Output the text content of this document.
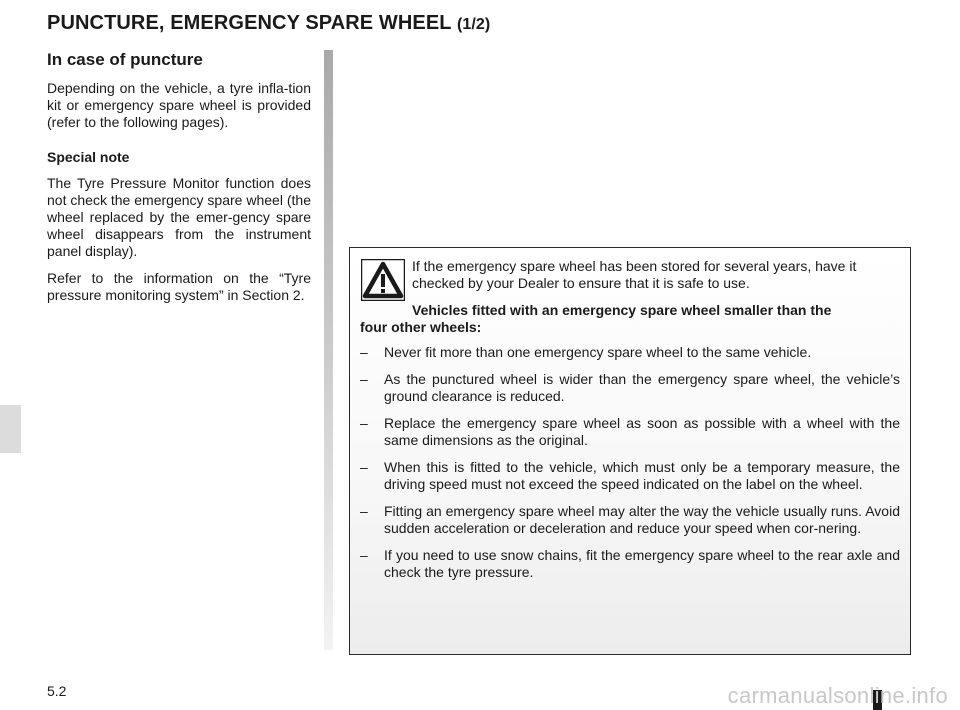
PUNCTURE, EMERGENCY SPARE WHEEL (1/2)
In case of puncture

Depending on the vehicle, a tyre infla-tion kit or emergency spare wheel is provided (refer to the following pages).

Special note

The Tyre Pressure Monitor function does not check the emergency spare wheel (the wheel replaced by the emer-gency spare wheel disappears from the instrument panel display).

Refer to the information on the “Tyre pressure monitoring system” in Section 2.

If the emergency spare wheel has been stored for several years, have it checked by your Dealer to ensure that it is safe to use.

Vehicles fitted with an emergency spare wheel smaller than the
four other wheels:

– Never fit more than one emergency spare wheel to the same vehicle.
– As the punctured wheel is wider than the emergency spare wheel, the vehicle’s ground clearance is reduced.
– Replace the emergency spare wheel as soon as possible with a wheel with the same dimensions as the original.
– When this is fitted to the vehicle, which must only be a temporary measure, the driving speed must not exceed the speed indicated on the label on the wheel.
– Fitting an emergency spare wheel may alter the way the vehicle usually runs. Avoid sudden acceleration or deceleration and reduce your speed when cor-nering.
– If you need to use snow chains, fit the emergency spare wheel to the rear axle and check the tyre pressure.
5.2	carmanualsonline.info
